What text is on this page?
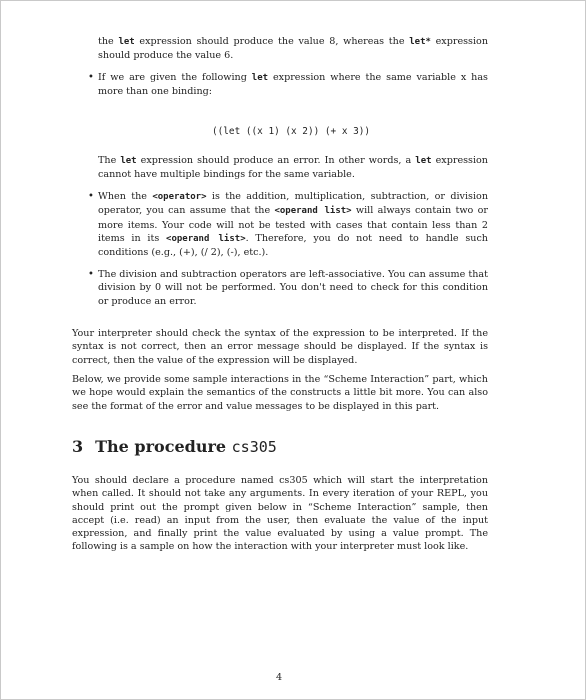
the let expression should produce the value 8, whereas the let* expression should produce the value 6.

• If we are given the following let expression where the same variable x has more than one binding:

((let ((x 1) (x 2)) (+ x 3))

The let expression should produce an error. In other words, a let expression cannot have multiple bindings for the same variable.

• When the <operator> is the addition, multiplication, subtraction, or division operator, you can assume that the <operand list> will always contain two or more items. Your code will not be tested with cases that contain less than 2 items in its <operand list>. Therefore, you do not need to handle such conditions (e.g., (+), (/ 2), (-), etc.).

• The division and subtraction operators are left-associative. You can assume that division by 0 will not be performed. You don't need to check for this condition or produce an error.

Your interpreter should check the syntax of the expression to be interpreted. If the syntax is not correct, then an error message should be displayed. If the syntax is correct, then the value of the expression will be displayed.

Below, we provide some sample interactions in the “Scheme Interaction” part, which we hope would explain the semantics of the constructs a little bit more. You can also see the format of the error and value messages to be displayed in this part.

3 The procedure cs305

You should declare a procedure named cs305 which will start the interpretation when called. It should not take any arguments. In every iteration of your REPL, you should print out the prompt given below in “Scheme Interaction” sample, then accept (i.e. read) an input from the user, then evaluate the value of the input expression, and finally print the value evaluated by using a value prompt. The following is a sample on how the interaction with your interpreter must look like.

4
